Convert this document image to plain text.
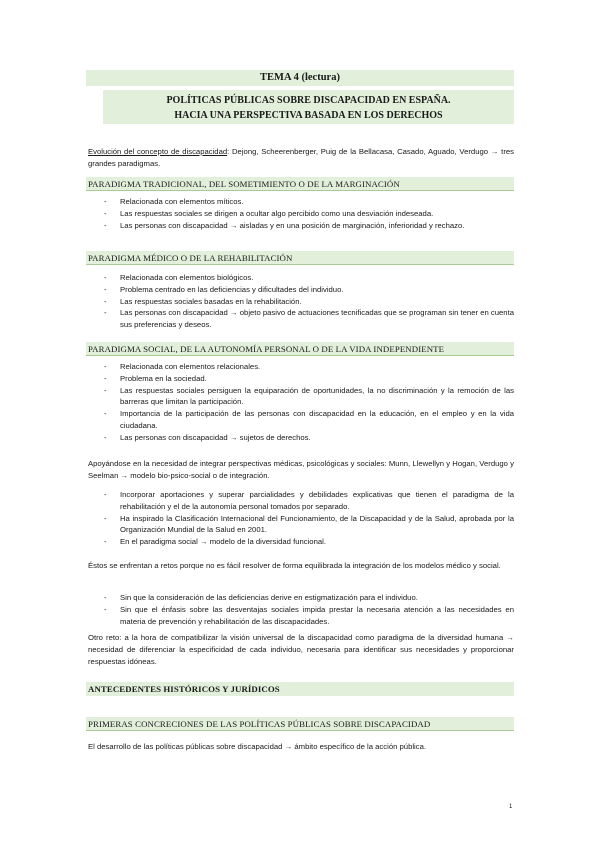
TEMA 4 (lectura)
POLÍTICAS PÚBLICAS SOBRE DISCAPACIDAD EN ESPAÑA.
HACIA UNA PERSPECTIVA BASADA EN LOS DERECHOS
Evolución del concepto de discapacidad: Dejong, Scheerenberger, Puig de la Bellacasa, Casado, Aguado, Verdugo → tres grandes paradigmas.
PARADIGMA TRADICIONAL, DEL SOMETIMIENTO O DE LA MARGINACIÓN
- Relacionada con elementos míticos.
- Las respuestas sociales se dirigen a ocultar algo percibido como una desviación indeseada.
- Las personas con discapacidad → aisladas y en una posición de marginación, inferioridad y rechazo.
PARADIGMA MÉDICO O DE LA REHABILITACIÓN
- Relacionada con elementos biológicos.
- Problema centrado en las deficiencias y dificultades del individuo.
- Las respuestas sociales basadas en la rehabilitación.
- Las personas con discapacidad → objeto pasivo de actuaciones tecnificadas que se programan sin tener en cuenta sus preferencias y deseos.
PARADIGMA SOCIAL, DE LA AUTONOMÍA PERSONAL O DE LA VIDA INDEPENDIENTE
- Relacionada con elementos relacionales.
- Problema en la sociedad.
- Las respuestas sociales persiguen la equiparación de oportunidades, la no discriminación y la remoción de las barreras que limitan la participación.
- Importancia de la participación de las personas con discapacidad en la educación, en el empleo y en la vida ciudadana.
- Las personas con discapacidad → sujetos de derechos.
Apoyándose en la necesidad de integrar perspectivas médicas, psicológicas y sociales: Munn, Llewellyn y Hogan, Verdugo y Seelman → modelo bio-psico-social o de integración.
- Incorporar aportaciones y superar parcialidades y debilidades explicativas que tienen el paradigma de la rehabilitación y el de la autonomía personal tomados por separado.
- Ha inspirado la Clasificación Internacional del Funcionamiento, de la Discapacidad y de la Salud, aprobada por la Organización Mundial de la Salud en 2001.
- En el paradigma social → modelo de la diversidad funcional.
Éstos se enfrentan a retos porque no es fácil resolver de forma equilibrada la integración de los modelos médico y social.
- Sin que la consideración de las deficiencias derive en estigmatización para el individuo.
- Sin que el énfasis sobre las desventajas sociales impida prestar la necesaria atención a las necesidades en materia de prevención y rehabilitación de las discapacidades.
Otro reto: a la hora de compatibilizar la visión universal de la discapacidad como paradigma de la diversidad humana → necesidad de diferenciar la especificidad de cada individuo, necesaria para identificar sus necesidades y proporcionar respuestas idóneas.
ANTECEDENTES HISTÓRICOS Y JURÍDICOS
PRIMERAS CONCRECIONES DE LAS POLÍTICAS PÚBLICAS SOBRE DISCAPACIDAD
El desarrollo de las políticas públicas sobre discapacidad → ámbito específico de la acción pública.
1
